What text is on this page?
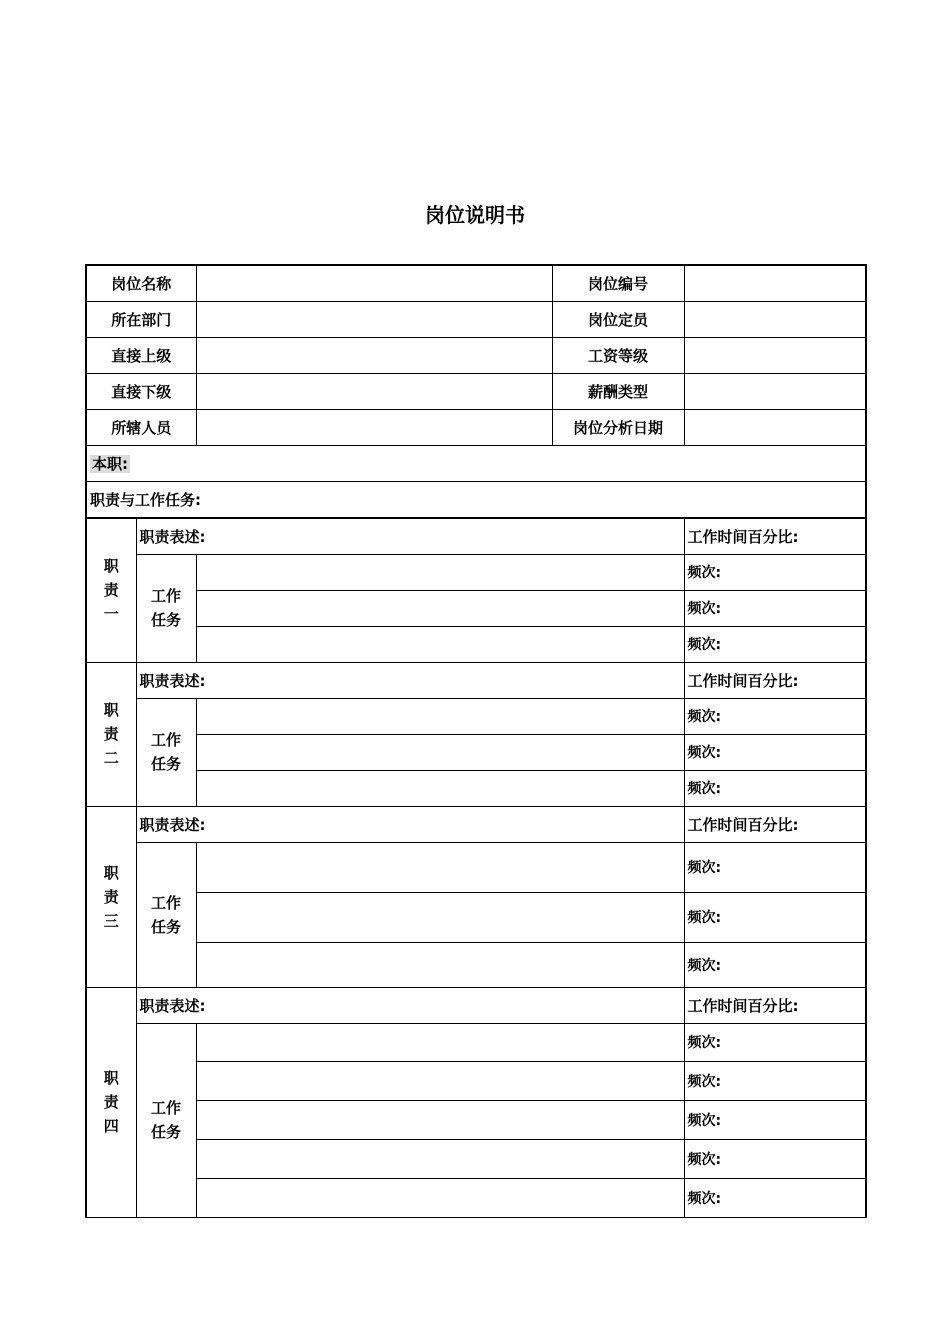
岗位说明书
岗位名称			岗位编号	
所在部门			岗位定员	
直接上级			工资等级	
直接下级			薪酬类型	
所辖人员			岗位分析日期	
本职:				
职责与工作任务:				
职责一	职责表述:			工作时间百分比:
	工作任务			频次:
				频次:
				频次:
职责二	职责表述:			工作时间百分比:
	工作任务			频次:
				频次:
				频次:
职责三	职责表述:			工作时间百分比:
	工作任务			频次:
				频次:
				频次:
职责四	职责表述:			工作时间百分比:
	工作任务			频次:
				频次:
				频次:
				频次:
				频次:
